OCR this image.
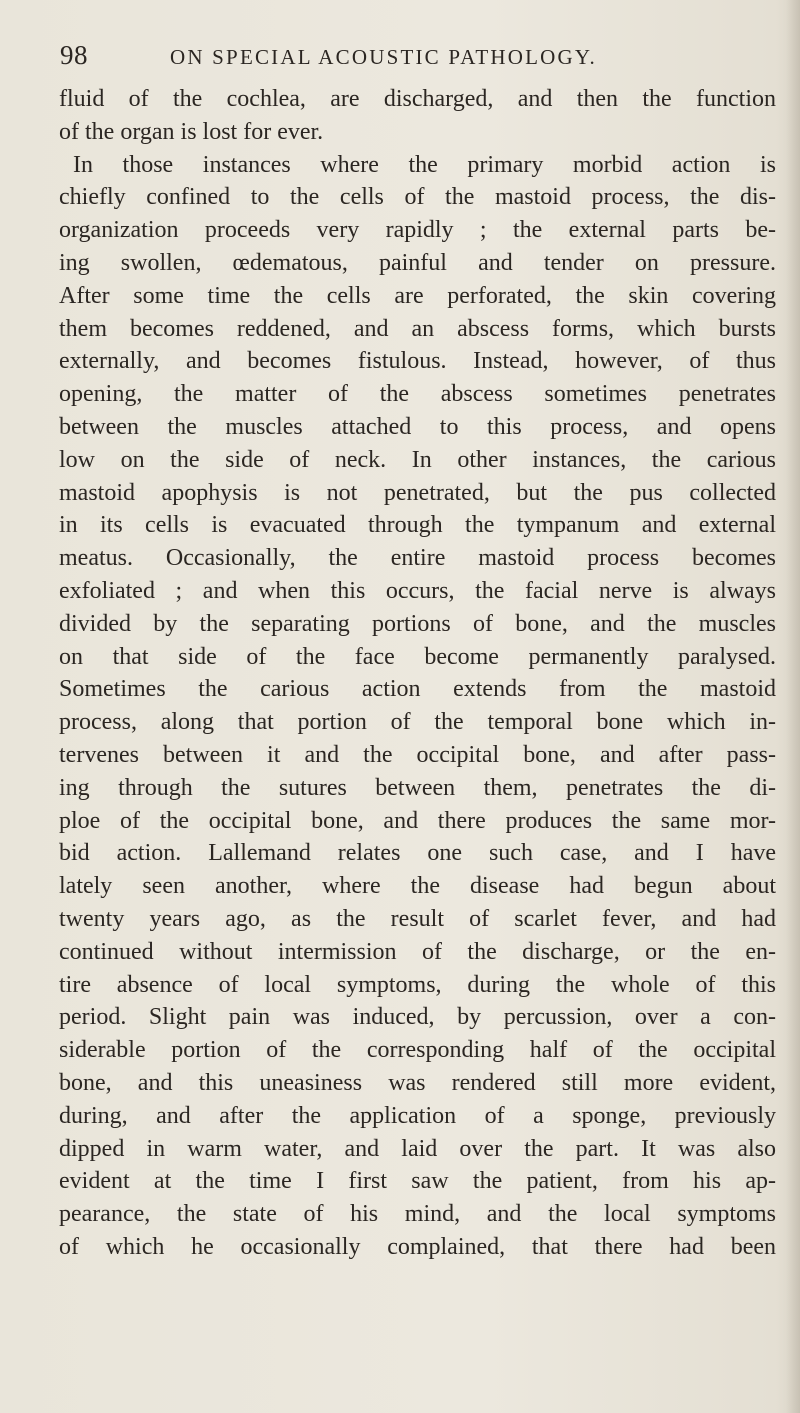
98	ON SPECIAL ACOUSTIC PATHOLOGY.
fluid of the cochlea, are discharged, and then the function
of the organ is lost for ever.
In those instances where the primary morbid action is
chiefly confined to the cells of the mastoid process, the dis-
organization proceeds very rapidly ; the external parts be-
ing swollen, œdematous, painful and tender on pressure.
After some time the cells are perforated, the skin covering
them becomes reddened, and an abscess forms, which bursts
externally, and becomes fistulous. Instead, however, of thus
opening, the matter of the abscess sometimes penetrates
between the muscles attached to this process, and opens
low on the side of neck. In other instances, the carious
mastoid apophysis is not penetrated, but the pus collected
in its cells is evacuated through the tympanum and external
meatus. Occasionally, the entire mastoid process becomes
exfoliated ; and when this occurs, the facial nerve is always
divided by the separating portions of bone, and the muscles
on that side of the face become permanently paralysed.
Sometimes the carious action extends from the mastoid
process, along that portion of the temporal bone which in-
tervenes between it and the occipital bone, and after pass-
ing through the sutures between them, penetrates the di-
ploe of the occipital bone, and there produces the same mor-
bid action. Lallemand relates one such case, and I have
lately seen another, where the disease had begun about
twenty years ago, as the result of scarlet fever, and had
continued without intermission of the discharge, or the en-
tire absence of local symptoms, during the whole of this
period. Slight pain was induced, by percussion, over a con-
siderable portion of the corresponding half of the occipital
bone, and this uneasiness was rendered still more evident,
during, and after the application of a sponge, previously
dipped in warm water, and laid over the part. It was also
evident at the time I first saw the patient, from his ap-
pearance, the state of his mind, and the local symptoms
of which he occasionally complained, that there had been
